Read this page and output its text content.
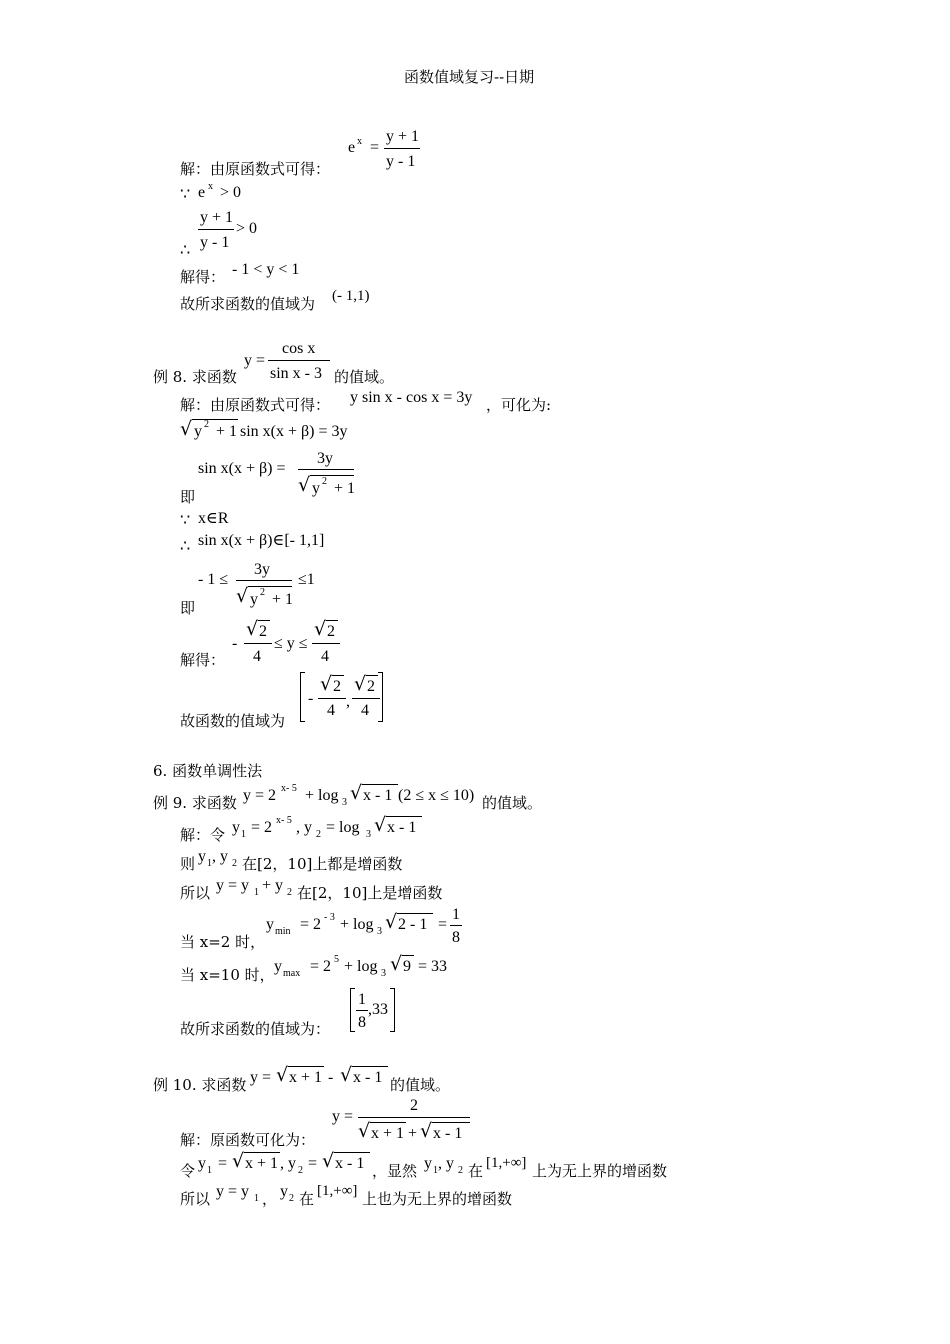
函数值域复习--日期
e x =
y + 1
y - 1
解：由原函数式可得：
∵ e x > 0
y + 1
y - 1
> 0
∴
解得： - 1 < y < 1
故所求函数的值域为 (- 1,1)
y =
cos x
sin x - 3
例 8. 求函数	的值域。
解：由原函数式可得： y sin x - cos x = 3y ，可化为:
√ y 2 + 1 sin x(x + β) = 3y
sin x(x + β) =
3y
√ y 2 + 1
即
∵ x∈R
∴ sin x(x + β)∈[- 1,1]
- 1 ≤
3y
√ y 2 + 1
≤1
即
解得：
-
√ 2
4
≤ y ≤
√ 2
4
故函数的值域为
-
√ 2
4
,
√ 2
4
6. 函数单调性法
例 9. 求函数 y = 2 x- 5 + log 3 √ x - 1 (2 ≤ x ≤ 10) 的值域。
解：令 y 1 = 2 x- 5 , y 2 = log 3 √ x - 1
则 y 1 , y 2 在[2，10]上都是增函数
所以 y = y 1 + y 2 在[2，10]上是增函数
y min = 2 - 3 + log 3 √ 2 - 1 =
1
8
当 x=2 时，
当 x=10 时， y max = 2 5 + log 3 √ 9 = 33
故所求函数的值域为：
1
8
,33
例 10. 求函数 y = √ x + 1 - √ x - 1 的值域。
y =
2
√ x + 1 + √ x - 1
解：原函数可化为：
令 y 1 = √ x + 1 , y 2 = √ x - 1 ，显然 y 1 , y 2 在 [1,+∞] 上为无上界的增函数
所以 y = y 1 ， y 2 在 [1,+∞] 上也为无上界的增函数
